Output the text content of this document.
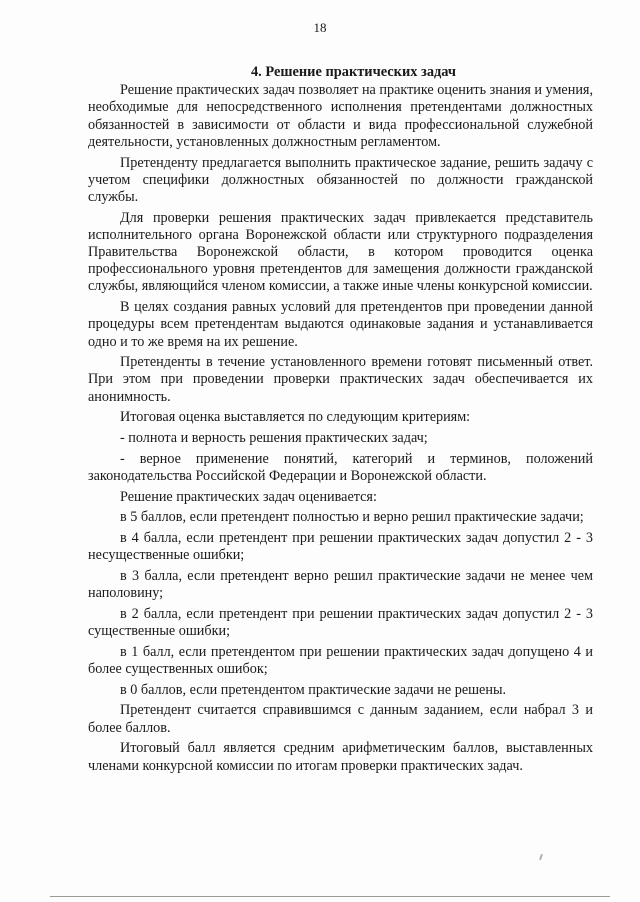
18

4. Решение практических задач

Решение практических задач позволяет на практике оценить знания и умения, необходимые для непосредственного исполнения претендентами должностных обязанностей в зависимости от области и вида профессиональной служебной деятельности, установленных должностным регламентом.

Претенденту предлагается выполнить практическое задание, решить задачу с учетом специфики должностных обязанностей по должности гражданской службы.

Для проверки решения практических задач привлекается представитель исполнительного органа Воронежской области или структурного подразделения Правительства Воронежской области, в котором проводится оценка профессионального уровня претендентов для замещения должности гражданской службы, являющийся членом комиссии, а также иные члены конкурсной комиссии.

В целях создания равных условий для претендентов при проведении данной процедуры всем претендентам выдаются одинаковые задания и устанавливается одно и то же время на их решение.

Претенденты в течение установленного времени готовят письменный ответ. При этом при проведении проверки практических задач обеспечивается их анонимность.

Итоговая оценка выставляется по следующим критериям:

- полнота и верность решения практических задач;

- верное применение понятий, категорий и терминов, положений законодательства Российской Федерации и Воронежской области.

Решение практических задач оценивается:

в 5 баллов, если претендент полностью и верно решил практические задачи;

в 4 балла, если претендент при решении практических задач допустил 2 - 3 несущественные ошибки;

в 3 балла, если претендент верно решил практические задачи не менее чем наполовину;

в 2 балла, если претендент при решении практических задач допустил 2 - 3 существенные ошибки;

в 1 балл, если претендентом при решении практических задач допущено 4 и более существенных ошибок;

в 0 баллов, если претендентом практические задачи не решены.

Претендент считается справившимся с данным заданием, если набрал 3 и более баллов.

Итоговый балл является средним арифметическим баллов, выставленных членами конкурсной комиссии по итогам проверки практических задач.
